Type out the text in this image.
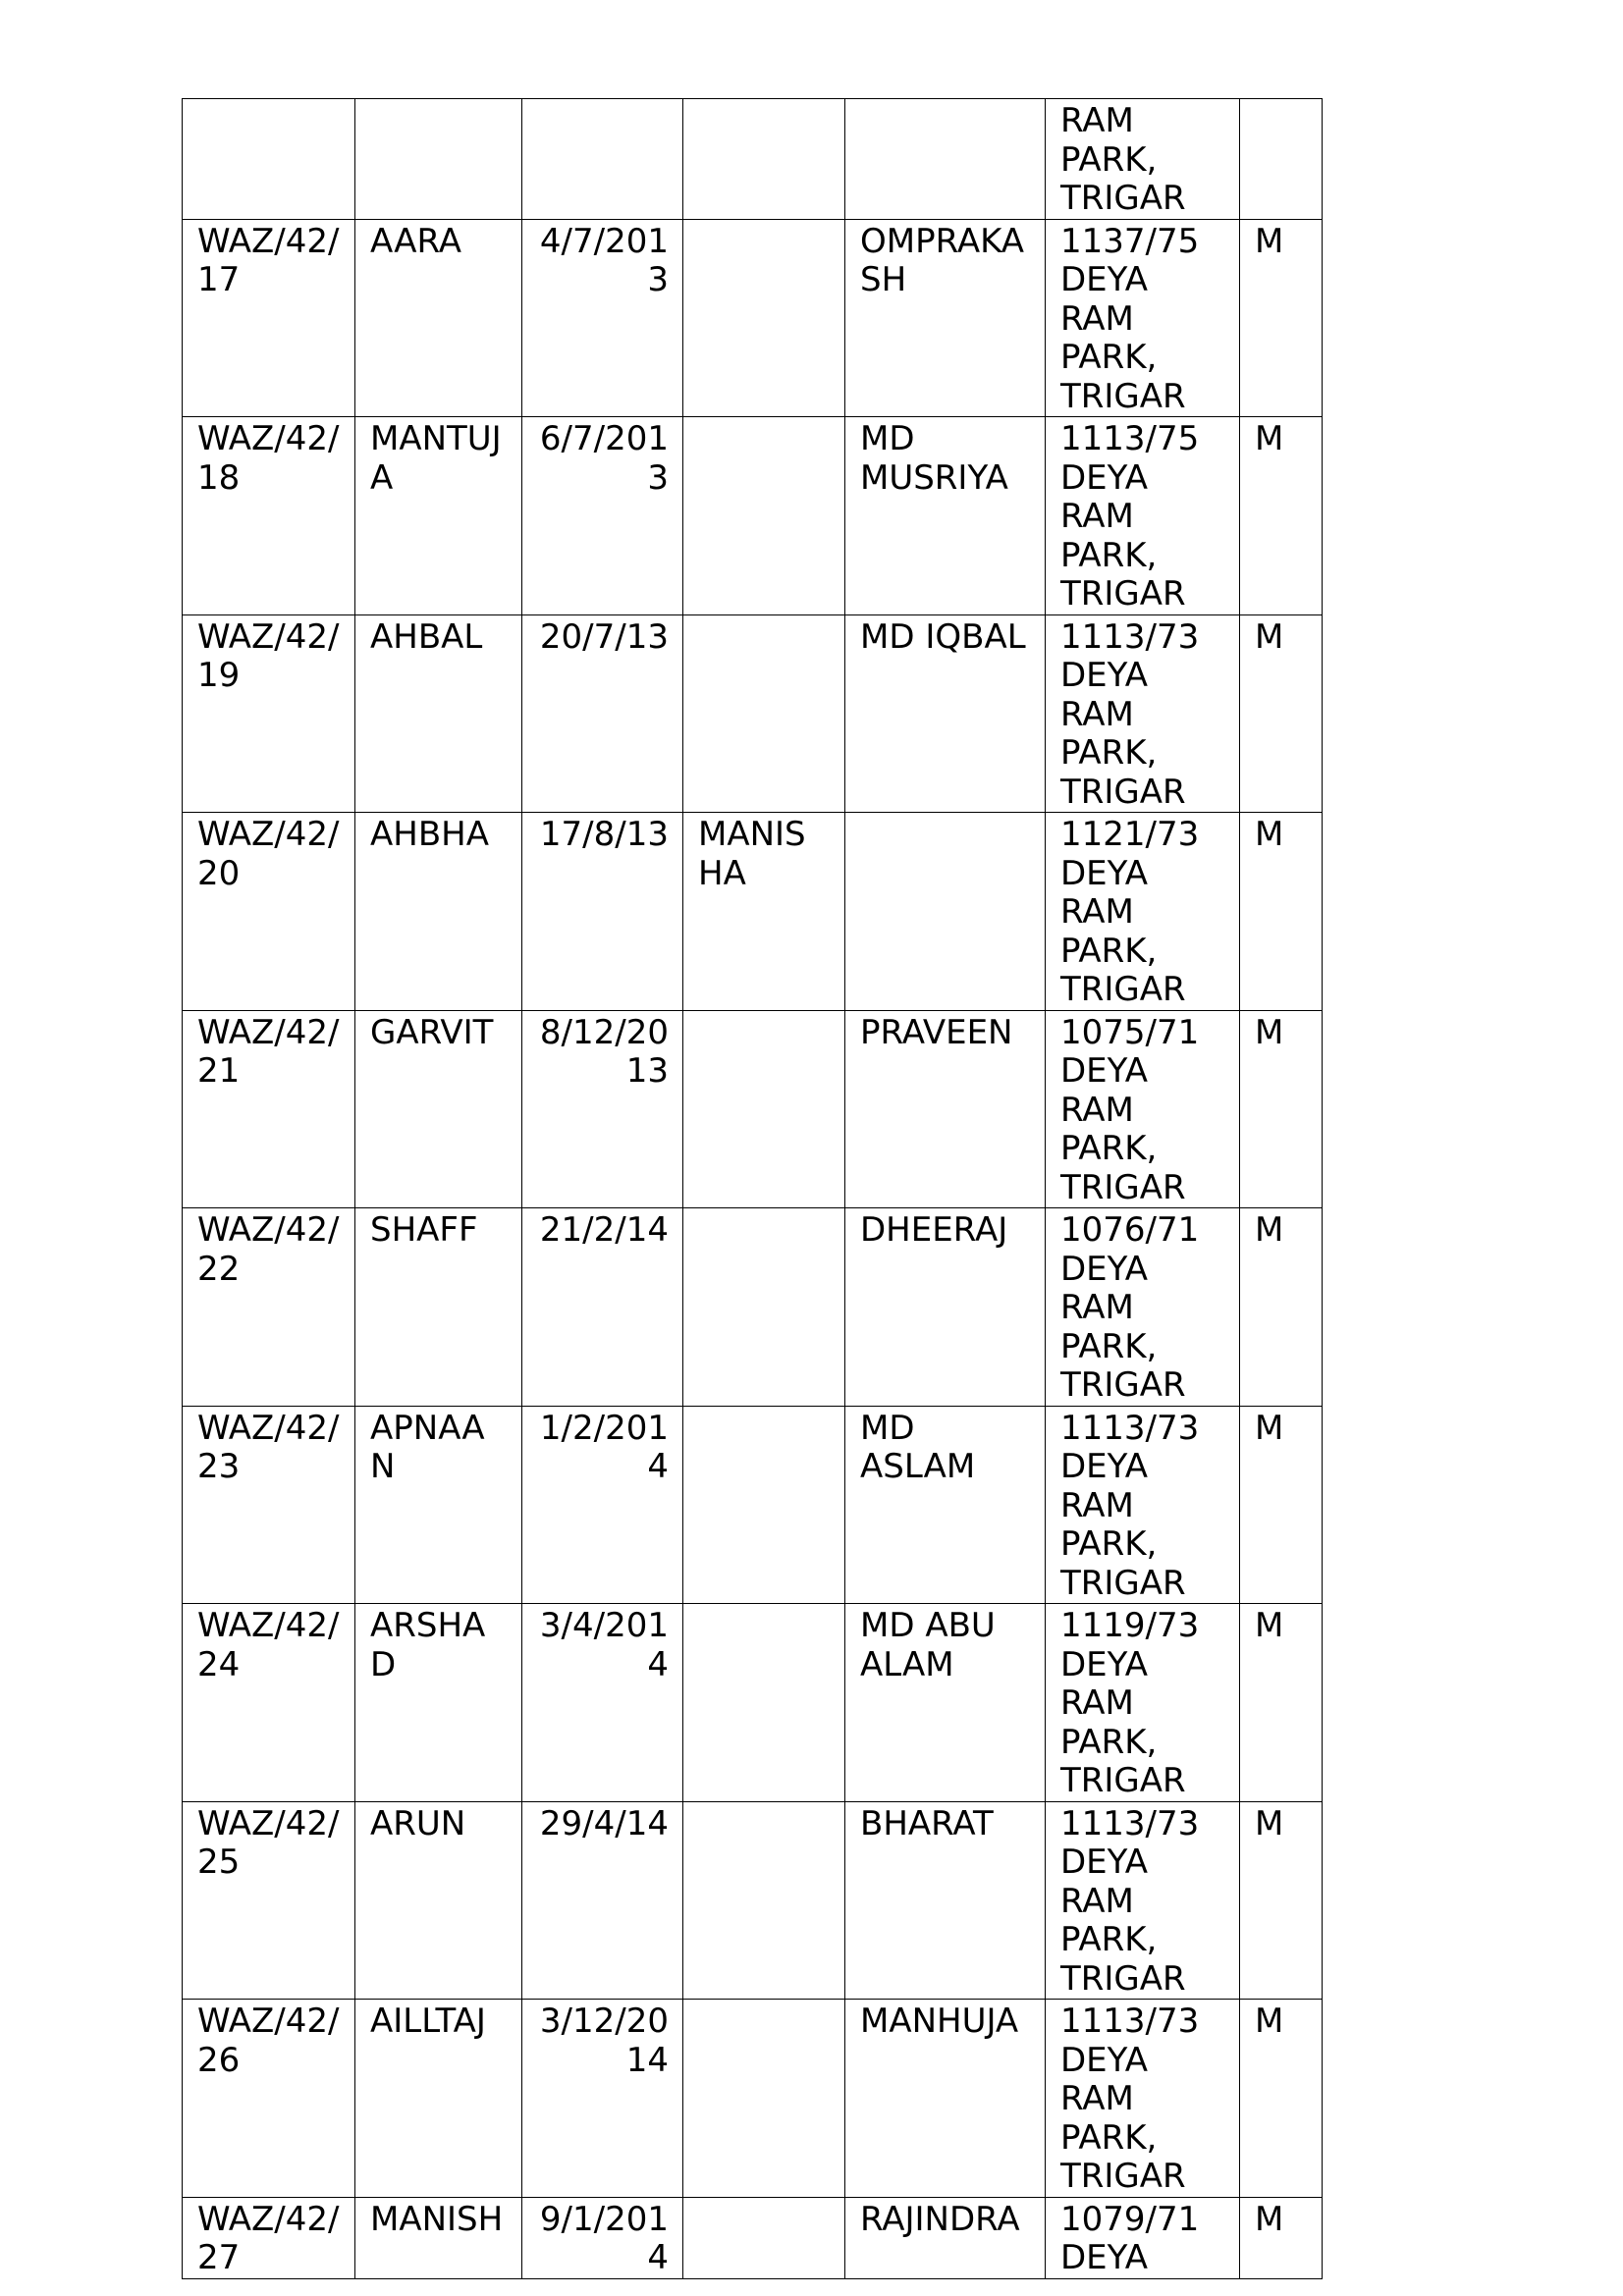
					RAM
PARK,
TRIGAR	

WAZ/42/
17	AARA	4/7/201
3		OMPRAKA
SH	1137/75
DEYA
RAM
PARK,
TRIGAR	M

WAZ/42/
18	MANTUJ
A	6/7/201
3		MD
MUSRIYA	1113/75
DEYA
RAM
PARK,
TRIGAR	M

WAZ/42/
19	AHBAL	20/7/13		MD IQBAL	1113/73
DEYA
RAM
PARK,
TRIGAR	M

WAZ/42/
20	AHBHA	17/8/13	MANIS
HA		1121/73
DEYA
RAM
PARK,
TRIGAR	M

WAZ/42/
21	GARVIT	8/12/20
13		PRAVEEN	1075/71
DEYA
RAM
PARK,
TRIGAR	M

WAZ/42/
22	SHAFF	21/2/14		DHEERAJ	1076/71
DEYA
RAM
PARK,
TRIGAR	M

WAZ/42/
23	APNAA
N	1/2/201
4		MD
ASLAM	1113/73
DEYA
RAM
PARK,
TRIGAR	M

WAZ/42/
24	ARSHA
D	3/4/201
4		MD ABU
ALAM	1119/73
DEYA
RAM
PARK,
TRIGAR	M

WAZ/42/
25	ARUN	29/4/14		BHARAT	1113/73
DEYA
RAM
PARK,
TRIGAR	M

WAZ/42/
26	AILLTAJ	3/12/20
14		MANHUJA	1113/73
DEYA
RAM
PARK,
TRIGAR	M

WAZ/42/
27	MANISH	9/1/201
4		RAJINDRA	1079/71
DEYA	M
